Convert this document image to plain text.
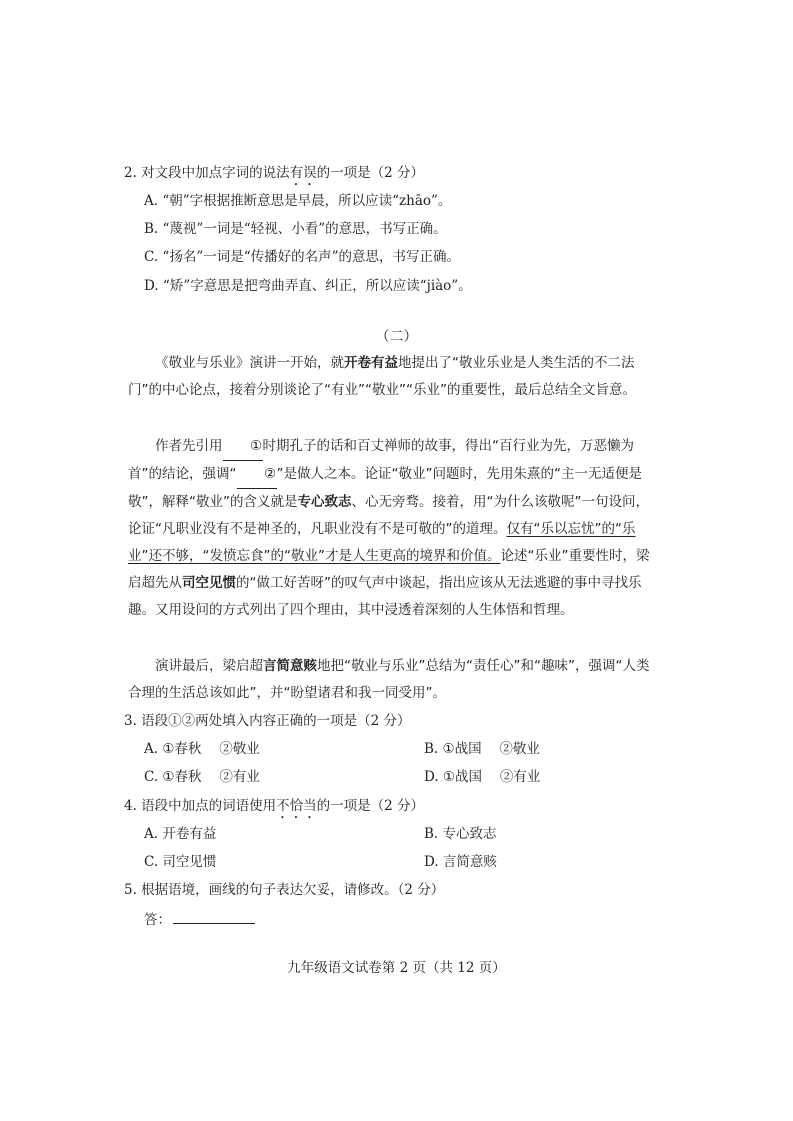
2. 对文段中加点字词的说法有误的一项是（2 分）
A. “朝”字根据推断意思是早晨，所以应读“zhāo”。
B. “蔑视”一词是“轻视、小看”的意思，书写正确。
C. “扬名”一词是“传播好的名声”的意思，书写正确。
D. “矫”字意思是把弯曲弄直、纠正，所以应读“jiào”。
（二）
《敬业与乐业》演讲一开始，就开卷有益地提出了“敬业乐业是人类生活的不二法门”的中心论点，接着分别谈论了“有业”“敬业”“乐业”的重要性，最后总结全文旨意。
作者先引用 ①时期孔子的话和百丈禅师的故事，得出“百行业为先，万恶懒为首”的结论，强调“ ②”是做人之本。论证“敬业”问题时，先用朱熹的“主一无适便是敬”，解释“敬业”的含义就是专心致志、心无旁骛。接着，用“为什么该敬呢”一句设问，论证“凡职业没有不是神圣的，凡职业没有不是可敬的”的道理。仅有“乐以忘忧”的“乐业”还不够，“发愤忘食”的“敬业”才是人生更高的境界和价值。论述“乐业”重要性时，梁启超先从司空见惯的“做工好苦呀”的叹气声中谈起，指出应该从无法逃避的事中寻找乐趣。又用设问的方式列出了四个理由，其中浸透着深刻的人生体悟和哲理。
演讲最后，梁启超言简意赅地把“敬业与乐业”总结为“责任心”和“趣味”，强调“人类合理的生活总该如此”，并“盼望诸君和我一同受用”。
3. 语段①②两处填入内容正确的一项是（2 分）
A. ①春秋　 ②敬业	B. ①战国　 ②敬业
C. ①春秋　 ②有业	D. ①战国　 ②有业
4. 语段中加点的词语使用不恰当的一项是（2 分）
A. 开卷有益	B. 专心致志
C. 司空见惯	D. 言简意赅
5. 根据语境，画线的句子表达欠妥，请修改。（2 分）
答：
九年级语文试卷第 2 页（共 12 页）
